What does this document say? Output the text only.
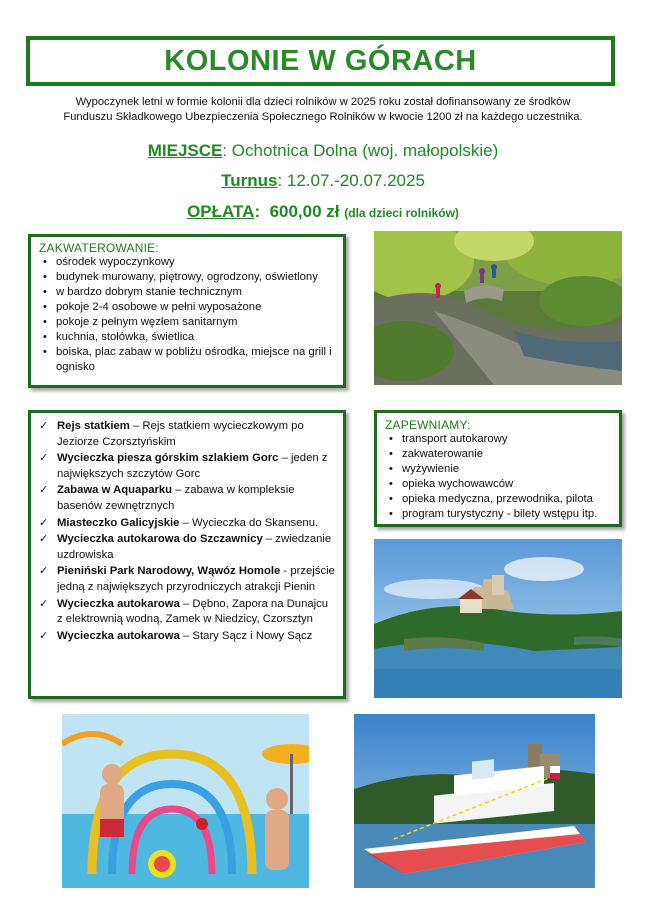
KOLONIE W GÓRACH
Wypoczynek letni w formie kolonii dla dzieci rolników w 2025 roku został dofinansowany ze środków
Funduszu Składkowego Ubezpieczenia Społecznego Rolników w kwocie 1200 zł na każdego uczestnika.
MIEJSCE: Ochotnica Dolna (woj. małopolskie)
Turnus: 12.07.-20.07.2025
OPŁATA: 600,00 zł (dla dzieci rolników)
ZAKWATEROWANIE:
• ośrodek wypoczynkowy
• budynek murowany, piętrowy, ogrodzony, oświetlony
• w bardzo dobrym stanie technicznym
• pokoje 2-4 osobowe w pełni wyposażone
• pokoje z pełnym węzłem sanitarnym
• kuchnia, stołówka, świetlica
• boiska, plac zabaw w pobliżu ośrodka, miejsce na grill i ognisko
✓ Rejs statkiem – Rejs statkiem wycieczkowym po Jeziorze Czorsztyńskim
✓ Wycieczka piesza górskim szlakiem Gorc – jeden z największych szczytów Gorc
✓ Zabawa w Aquaparku – zabawa w kompleksie basenów zewnętrznych
✓ Miasteczko Galicyjskie – Wycieczka do Skansenu.
✓ Wycieczka autokarowa do Szczawnicy – zwiedzanie uzdrowiska
✓ Pieniński Park Narodowy, Wąwóz Homole - przejście jedną z największych przyrodniczych atrakcji Pienin
✓ Wycieczka autokarowa – Dębno, Zapora na Dunajcu z elektrownią wodną, Zamek w Niedzicy, Czorsztyn
✓ Wycieczka autokarowa – Stary Sącz i Nowy Sącz
ZAPEWNIAMY:
• transport autokarowy
• zakwaterowanie
• wyżywienie
• opieka wychowawców
• opieka medyczna, przewodnika, pilota
• program turystyczny - bilety wstępu itp.
